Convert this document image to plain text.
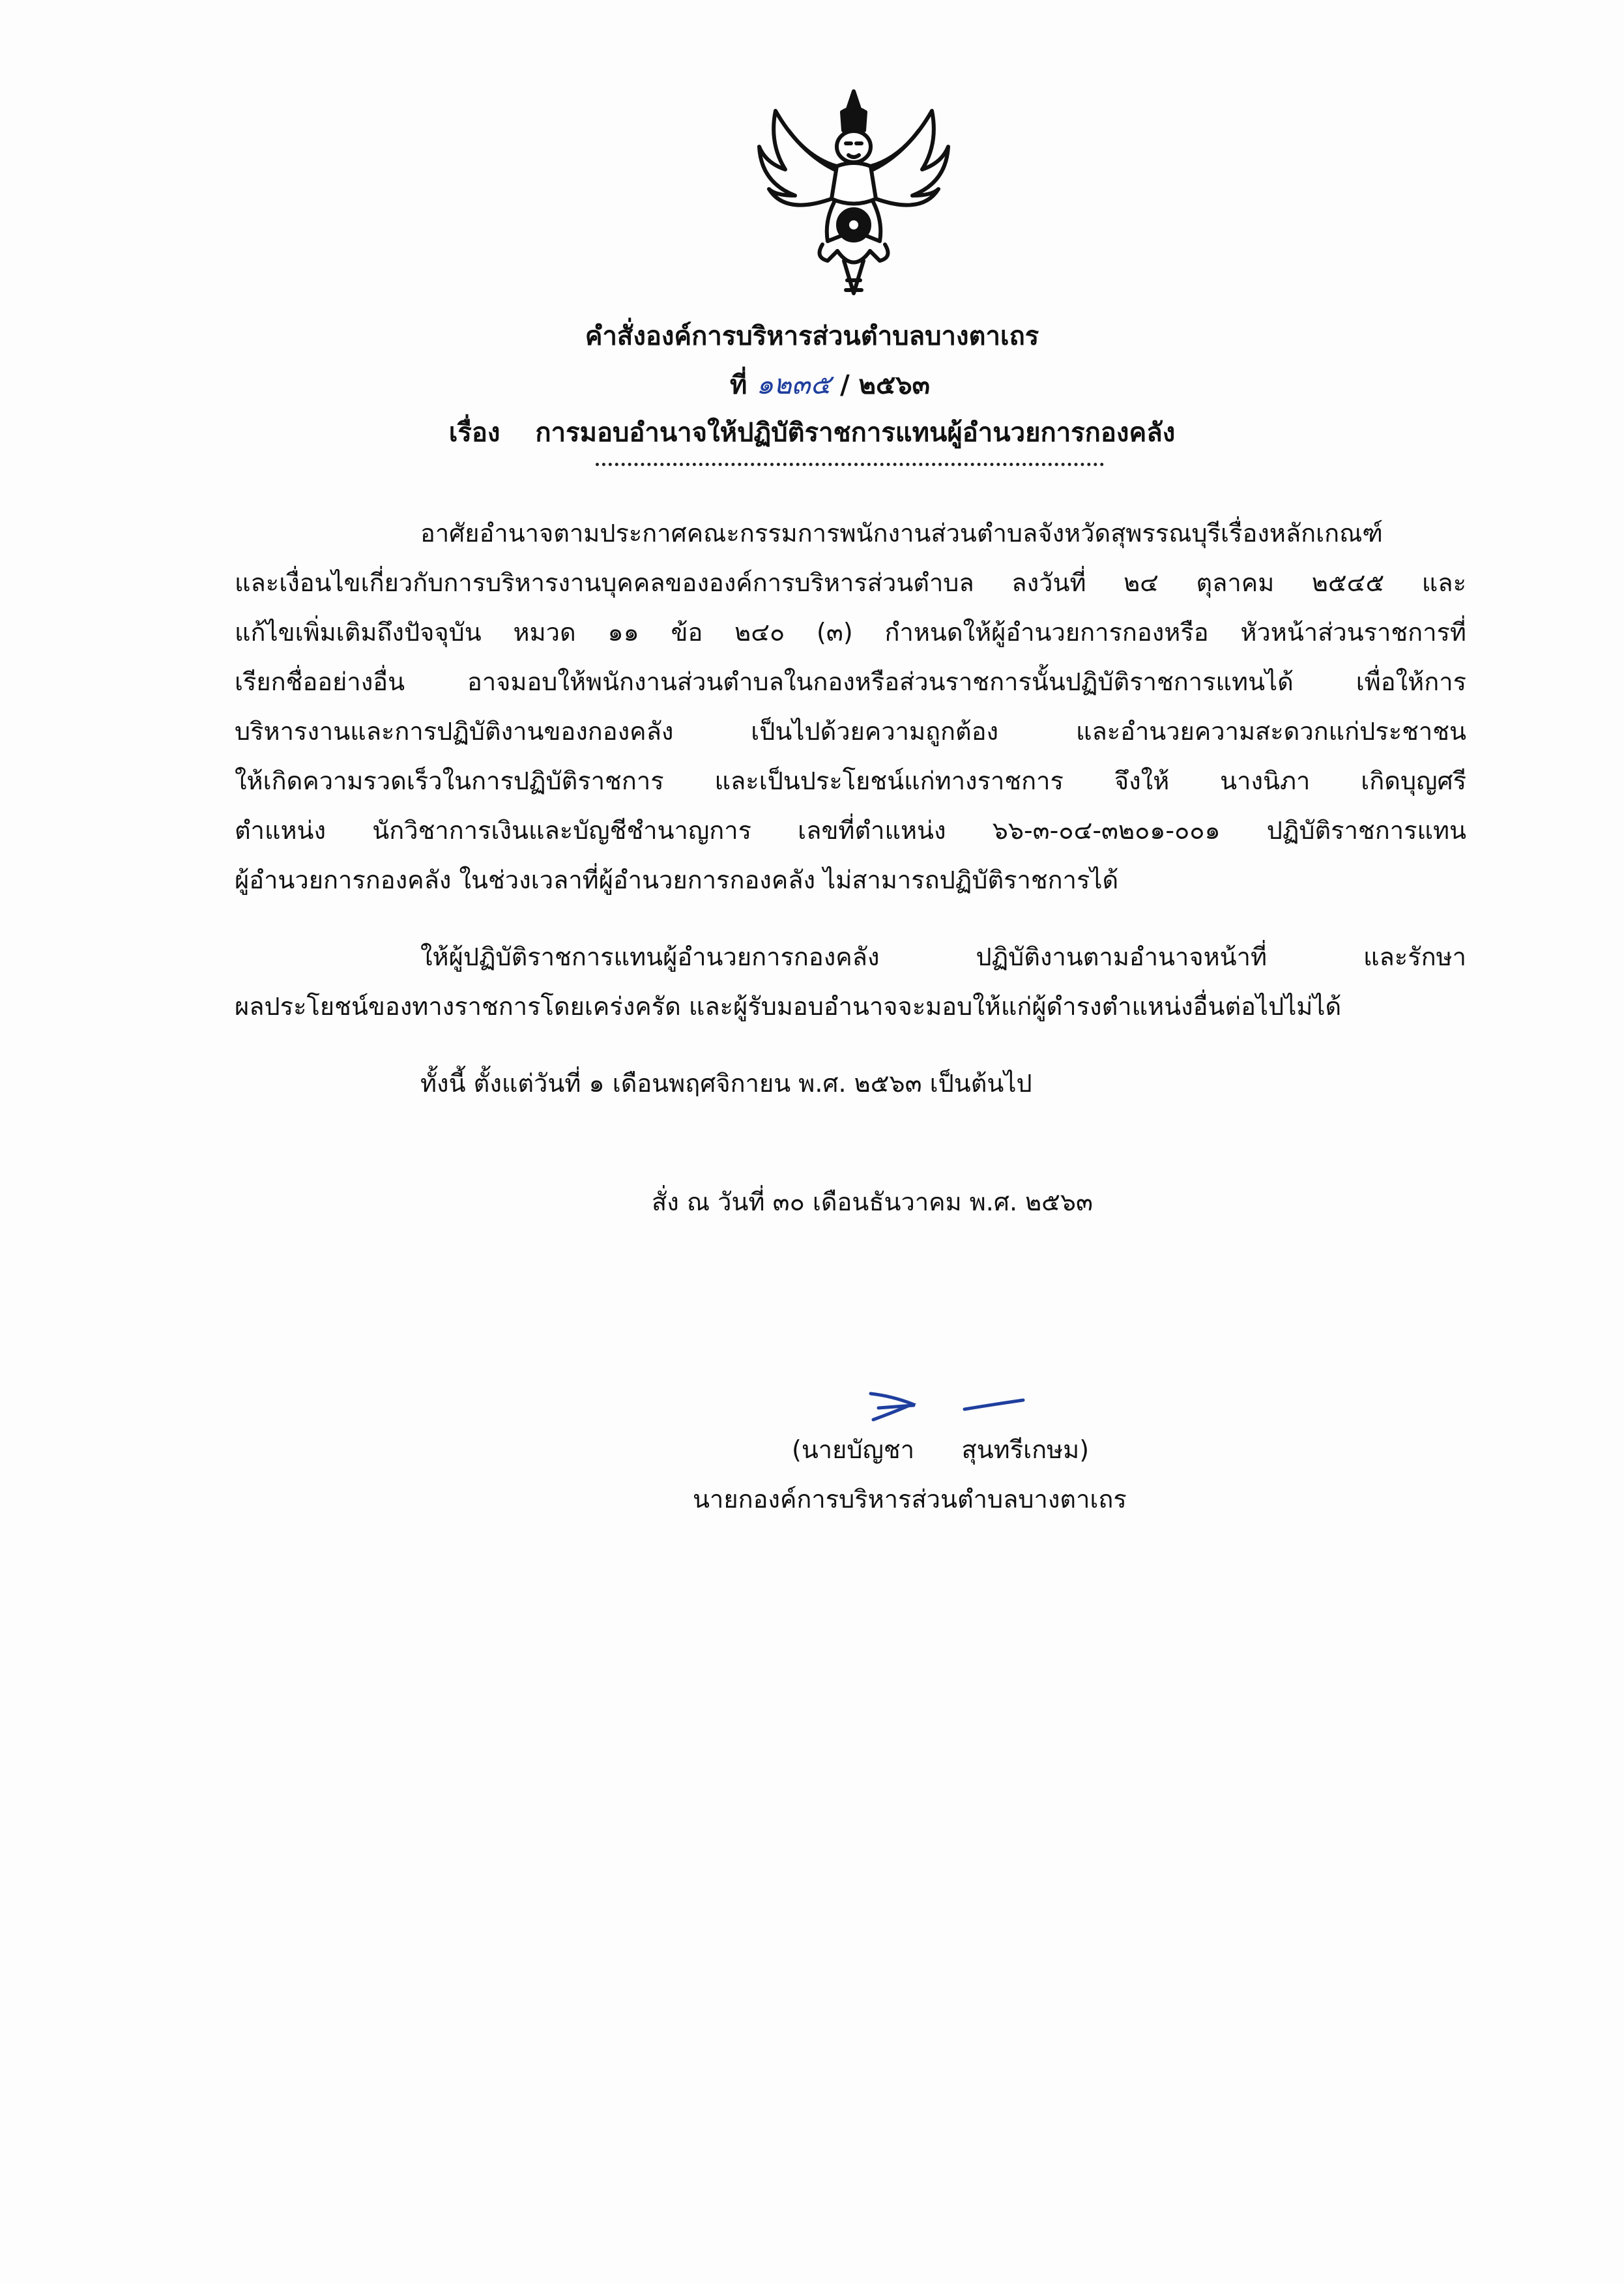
คำสั่งองค์การบริหารส่วนตำบลบางตาเถร
ที่ ๑๒๓๕ / ๒๕๖๓
เรื่อง การมอบอำนาจให้ปฏิบัติราชการแทนผู้อำนวยการกองคลัง
อาศัยอำนาจตามประกาศคณะกรรมการพนักงานส่วนตำบลจังหวัดสุพรรณบุรีเรื่องหลักเกณฑ์
และเงื่อนไขเกี่ยวกับการบริหารงานบุคคลขององค์การบริหารส่วนตำบล ลงวันที่ ๒๔ ตุลาคม ๒๕๔๕ และ
แก้ไขเพิ่มเติมถึงปัจจุบัน หมวด ๑๑ ข้อ ๒๔๐ (๓) กำหนดให้ผู้อำนวยการกองหรือ หัวหน้าส่วนราชการที่
เรียกชื่ออย่างอื่น อาจมอบให้พนักงานส่วนตำบลในกองหรือส่วนราชการนั้นปฏิบัติราชการแทนได้ เพื่อให้การ
บริหารงานและการปฏิบัติงานของกองคลัง เป็นไปด้วยความถูกต้อง และอำนวยความสะดวกแก่ประชาชน
ให้เกิดความรวดเร็วในการปฏิบัติราชการ และเป็นประโยชน์แก่ทางราชการ จึงให้ นางนิภา เกิดบุญศรี
ตำแหน่ง นักวิชาการเงินและบัญชีชำนาญการ เลขที่ตำแหน่ง ๖๖-๓-๐๔-๓๒๐๑-๐๐๑ ปฏิบัติราชการแทน
ผู้อำนวยการกองคลัง ในช่วงเวลาที่ผู้อำนวยการกองคลัง ไม่สามารถปฏิบัติราชการได้
ให้ผู้ปฏิบัติราชการแทนผู้อำนวยการกองคลัง ปฏิบัติงานตามอำนาจหน้าที่ และรักษา
ผลประโยชน์ของทางราชการโดยเคร่งครัด และผู้รับมอบอำนาจจะมอบให้แก่ผู้ดำรงตำแหน่งอื่นต่อไปไม่ได้
ทั้งนี้ ตั้งแต่วันที่ ๑ เดือนพฤศจิกายน พ.ศ. ๒๕๖๓ เป็นต้นไป
สั่ง ณ วันที่ ๓๐ เดือนธันวาคม พ.ศ. ๒๕๖๓
(นายบัญชา      สุนทรีเกษม)
นายกองค์การบริหารส่วนตำบลบางตาเถร
